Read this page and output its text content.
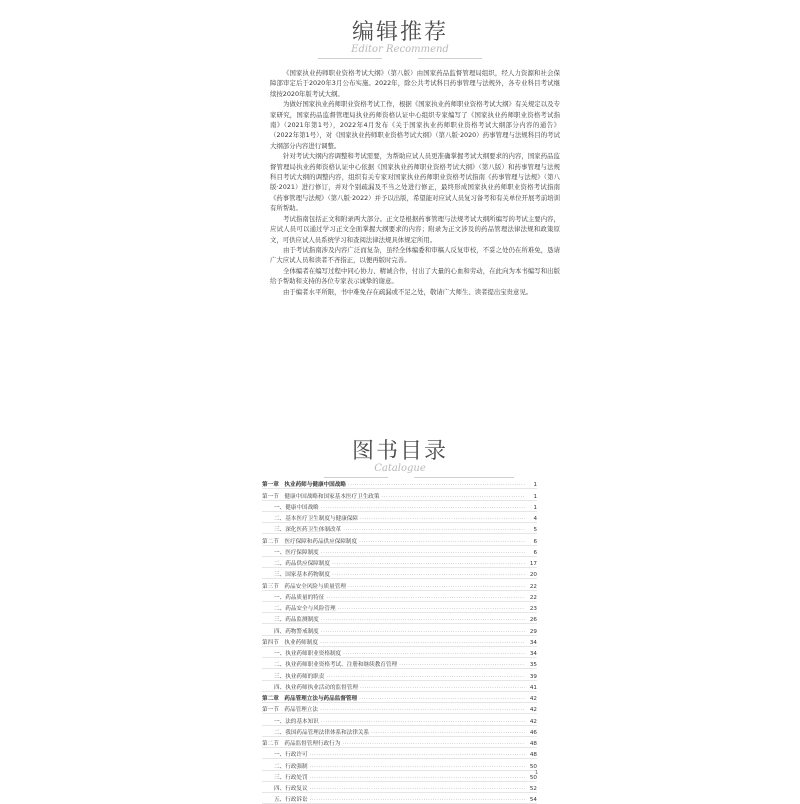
编辑推荐
Editor Recommend

《国家执业药师职业资格考试大纲》（第八版）由国家药品监督管理局组织，经人力资源和社会保障部审定后于2020年3月公布实施。2022年，除公共考试科目药事管理与法规外，各专业科目考试继续按2020年版考试大纲。

为做好国家执业药师职业资格考试工作，根据《国家执业药师职业资格考试大纲》有关规定以及专家研究，国家药品监督管理局执业药师资格认证中心组织专家编写了《国家执业药师职业资格考试指南》（2021年第1号），2022年4月发布《关于国家执业药师职业资格考试大纲部分内容的通告》（2022年第1号），对《国家执业药师职业资格考试大纲》（第八版·2020）药事管理与法规科目的考试大纲部分内容进行调整。

针对考试大纲内容调整和考试需要，为帮助应试人员更准确掌握考试大纲要求的内容，国家药品监督管理局执业药师资格认证中心依据《国家执业药师职业资格考试大纲》（第八版）和药事管理与法规科目考试大纲的调整内容，组织有关专家对国家执业药师职业资格考试指南《药事管理与法规》（第八版·2021）进行修订，并对个别疏漏及不当之处进行修正，最终形成国家执业药师职业资格考试指南《药事管理与法规》（第八版·2022）并予以出版，希望能对应试人员复习备考和有关单位开展考前培训有所帮助。

考试指南包括正文和附录两大部分。正文是根据药事管理与法规考试大纲所编写的考试主要内容，应试人员可以通过学习正文全面掌握大纲要求的内容；附录为正文涉及的药品管理法律法规和政策原文，可供应试人员系统学习和查阅法律法规具体规定所用。

由于考试指南涉及内容广泛而复杂，虽经全体编委和审稿人反复审校，不妥之处仍在所难免，恳请广大应试人员和读者不吝指正，以便再版时完善。

全体编者在编写过程中同心协力、精诚合作，付出了大量的心血和劳动，在此向为本书编写和出版给予帮助和支持的各位专家表示诚挚的谢意。

由于编者水平所限，书中难免存在疏漏或不足之处，敬请广大师生、读者提出宝贵意见。

图书目录
Catalogue
第一章　执业药师与健康中国战略 ·····	1
第一节　健康中国战略和国家基本医疗卫生政策 ·····	1
一、健康中国战略 ·····	1
二、基本医疗卫生制度与健康保障 ·····	4
三、深化医药卫生体制改革 ·····	5
第二节　医疗保障和药品供应保障制度 ·····	6
一、医疗保障制度 ·····	6
二、药品供应保障制度 ·····	17
三、国家基本药物制度 ·····	20
第三节　药品安全风险与质量管理 ·····	22
一、药品质量的特征 ·····	22
二、药品安全与风险管理 ·····	23
三、药品监测制度 ·····	26
四、药物警戒制度 ·····	29
第四节　执业药师制度 ·····	34
一、执业药师职业资格制度 ·····	34
二、执业药师职业资格考试、注册和继续教育管理 ·····	35
三、执业药师的职责 ·····	39
四、执业药师执业活动的监督管理 ·····	41
第二章　药品管理立法与药品监督管理 ·····	42
第一节　药品管理立法 ·····	42
一、法的基本知识 ·····	42
二、我国药品管理法律体系和法律关系 ·····	46
第二节　药品监督管理行政行为 ·····	48
一、行政许可 ·····	48
二、行政强制 ·····	50
三、行政处罚 ·····	50
四、行政复议 ·····	52
五、行政诉讼 ·····	54
1
